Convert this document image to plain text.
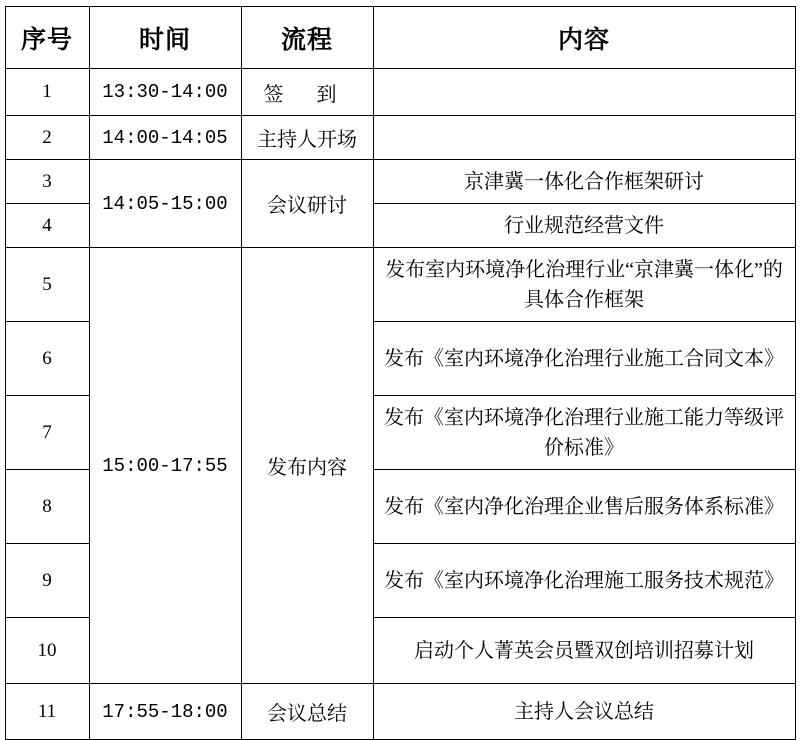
序号	时间	流程	内容
1	13:30-14:00	签 到	
2	14:00-14:05	主持人开场	
3	14:05-15:00	会议研讨	京津冀一体化合作框架研讨
4			行业规范经营文件
5	15:00-17:55	发布内容	发布室内环境净化治理行业“京津冀一体化”的具体合作框架
6			发布《室内环境净化治理行业施工合同文本》
7			发布《室内环境净化治理行业施工能力等级评价标准》
8			发布《室内净化治理企业售后服务体系标准》
9			发布《室内环境净化治理施工服务技术规范》
10			启动个人菁英会员暨双创培训招募计划
11	17:55-18:00	会议总结	主持人会议总结
